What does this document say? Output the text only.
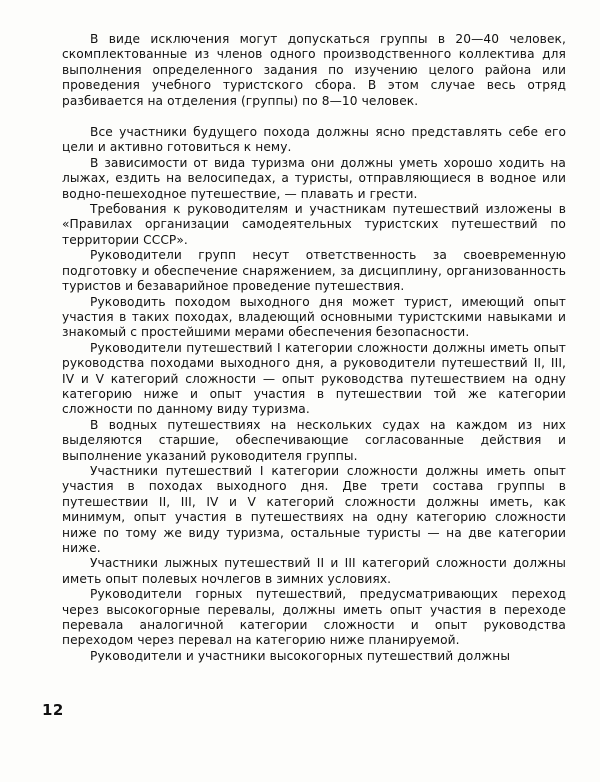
В виде исключения могут допускаться группы в 20—40 человек, скомплектованные из членов одного производственного коллектива для выполнения определенного задания по изучению целого района или проведения учебного туристского сбора. В этом случае весь отряд разбивается на отделения (группы) по 8—10 человек.

Все участники будущего похода должны ясно представлять себе его цели и активно готовиться к нему.

В зависимости от вида туризма они должны уметь хорошо ходить на лыжах, ездить на велосипедах, а туристы, отправляющиеся в водное или водно-пешеходное путешествие, — плавать и грести.

Требования к руководителям и участникам путешествий изложены в «Правилах организации самодеятельных туристских путешествий по территории СССР».

Руководители групп несут ответственность за своевременную подготовку и обеспечение снаряжением, за дисциплину, организованность туристов и безаварийное проведение путешествия.

Руководить походом выходного дня может турист, имеющий опыт участия в таких походах, владеющий основными туристскими навыками и знакомый с простейшими мерами обеспечения безопасности.

Руководители путешествий I категории сложности должны иметь опыт руководства походами выходного дня, а руководители путешествий II, III, IV и V категорий сложности — опыт руководства путешествием на одну категорию ниже и опыт участия в путешествии той же категории сложности по данному виду туризма.

В водных путешествиях на нескольких судах на каждом из них выделяются старшие, обеспечивающие согласованные действия и выполнение указаний руководителя группы.

Участники путешествий I категории сложности должны иметь опыт участия в походах выходного дня. Две трети состава группы в путешествии II, III, IV и V категорий сложности должны иметь, как минимум, опыт участия в путешествиях на одну категорию сложности ниже по тому же виду туризма, остальные туристы — на две категории ниже.

Участники лыжных путешествий II и III категорий сложности должны иметь опыт полевых ночлегов в зимних условиях.

Руководители горных путешествий, предусматривающих переход через высокогорные перевалы, должны иметь опыт участия в переходе перевала аналогичной категории сложности и опыт руководства переходом через перевал на категорию ниже планируемой.

Руководители и участники высокогорных путешествий должны

12
